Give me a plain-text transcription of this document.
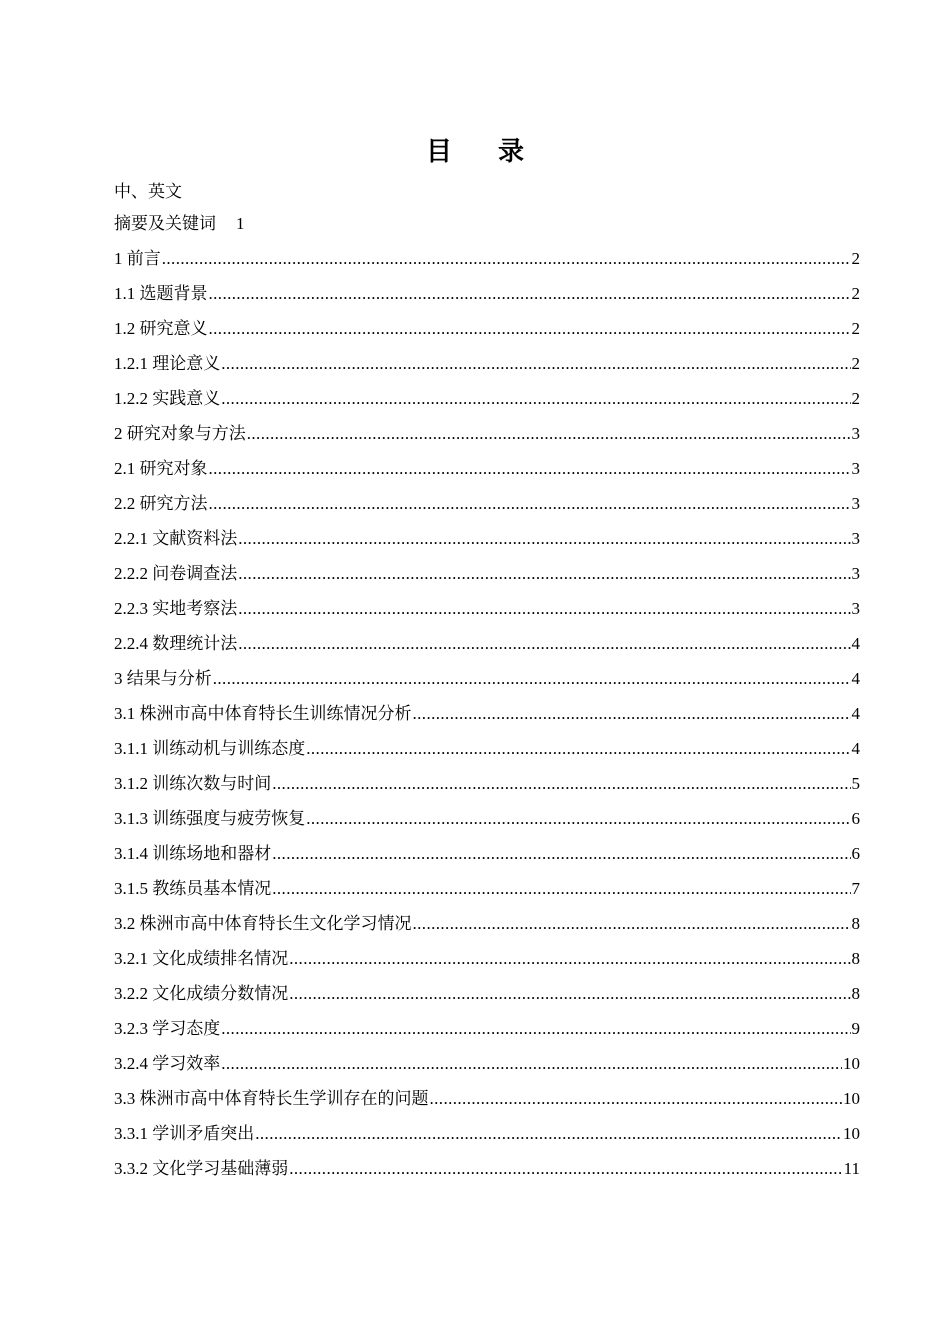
目 录
中、英文
摘要及关键词 1
1 前言 .....	2
1.1 选题背景 .....	2
1.2 研究意义 .....	2
1.2.1 理论意义 .....	2
1.2.2 实践意义 .....	2
2 研究对象与方法 .....	3
2.1 研究对象 .....	3
2.2 研究方法 .....	3
2.2.1 文献资料法 .....	3
2.2.2 问卷调查法 .....	3
2.2.3 实地考察法 .....	3
2.2.4 数理统计法 .....	4
3 结果与分析 .....	4
3.1 株洲市高中体育特长生训练情况分析 .....	4
3.1.1 训练动机与训练态度 .....	4
3.1.2 训练次数与时间 .....	5
3.1.3 训练强度与疲劳恢复 .....	6
3.1.4 训练场地和器材 .....	6
3.1.5 教练员基本情况 .....	7
3.2 株洲市高中体育特长生文化学习情况 .....	8
3.2.1 文化成绩排名情况 .....	8
3.2.2 文化成绩分数情况 .....	8
3.2.3 学习态度 .....	9
3.2.4 学习效率 .....	10
3.3 株洲市高中体育特长生学训存在的问题 .....	10
3.3.1 学训矛盾突出 .....	10
3.3.2 文化学习基础薄弱 .....	11
